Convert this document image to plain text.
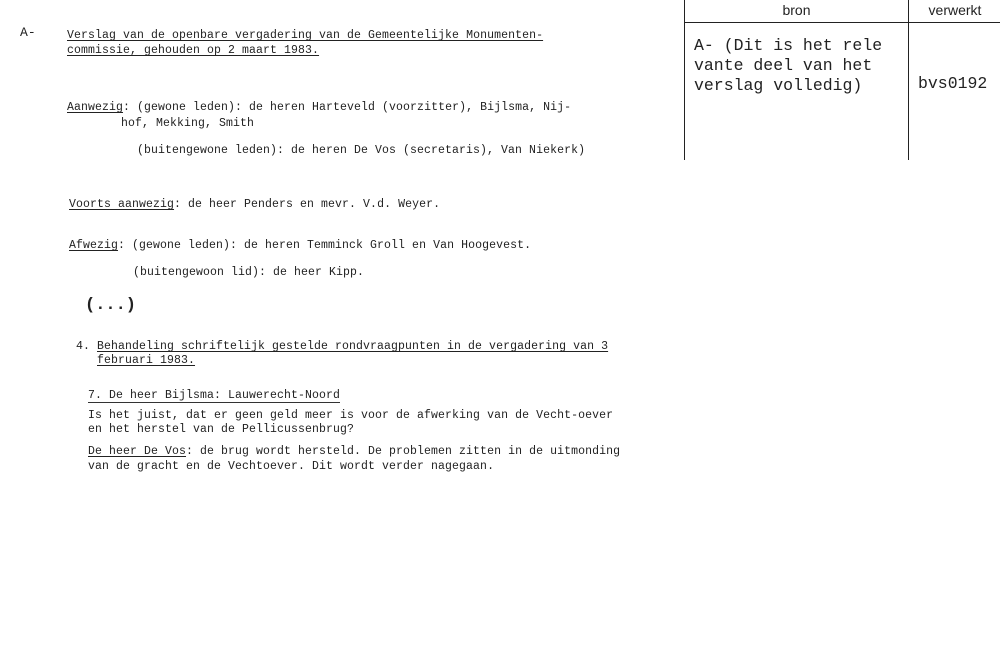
bron	verwerkt
A- (Dit is het rele
vante deel van het
verslag volledig)	bvs0192
A-	Verslag van de openbare vergadering van de Gemeentelijke Monumenten-
commissie, gehouden op 2 maart 1983.
Aanwezig: (gewone leden): de heren Harteveld (voorzitter), Bijlsma, Nij-
hof, Mekking, Smith
(buitengewone leden): de heren De Vos (secretaris), Van Niekerk)
Voorts aanwezig: de heer Penders en mevr. V.d. Weyer.
Afwezig: (gewone leden): de heren Temminck Groll en Van Hoogevest.
(buitengewoon lid): de heer Kipp.
(...)
4. Behandeling schriftelijk gestelde rondvraagpunten in de vergadering van 3
februari 1983.
7. De heer Bijlsma: Lauwerecht-Noord
Is het juist, dat er geen geld meer is voor de afwerking van de Vecht-oever
en het herstel van de Pellicussenbrug?
De heer De Vos: de brug wordt hersteld. De problemen zitten in de uitmonding
van de gracht en de Vechtoever. Dit wordt verder nagegaan.
